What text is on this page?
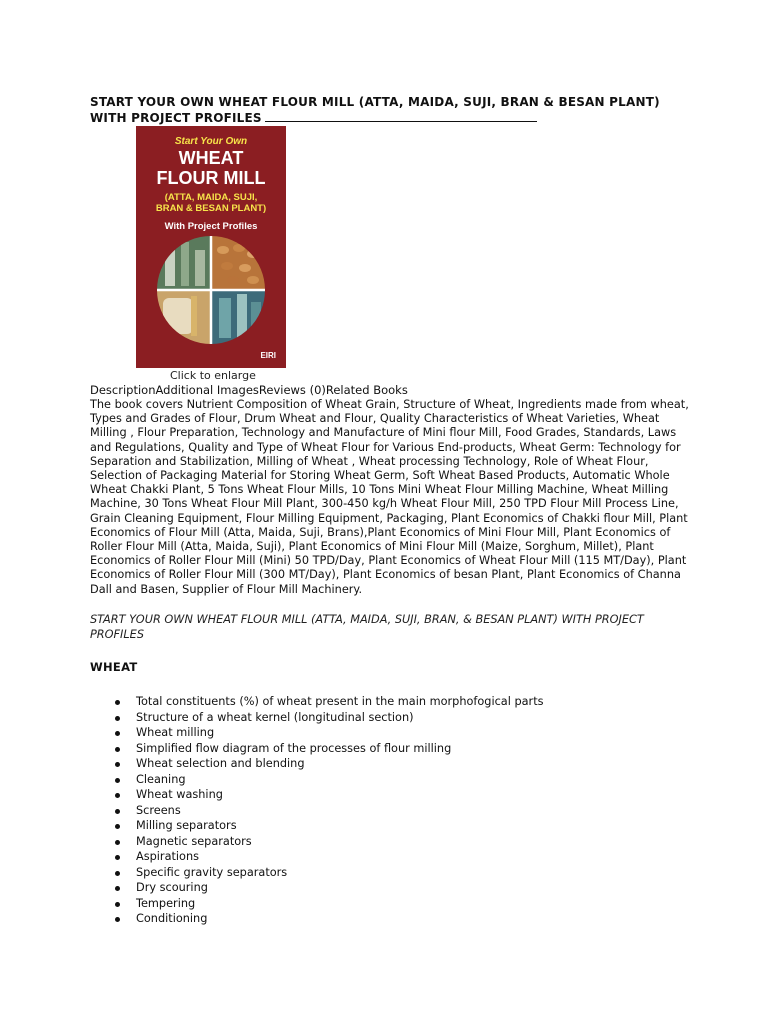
START YOUR OWN WHEAT FLOUR MILL (ATTA, MAIDA, SUJI, BRAN & BESAN PLANT) WITH PROJECT PROFILES
Start Your Own
WHEAT
FLOUR MILL
(ATTA, MAIDA, SUJI,
BRAN & BESAN PLANT)
With Project Profiles
EIRI
Click to enlarge
DescriptionAdditional ImagesReviews (0)Related Books
The book covers Nutrient Composition of Wheat Grain, Structure of Wheat, Ingredients made from wheat, Types and Grades of Flour, Drum Wheat and Flour, Quality Characteristics of Wheat Varieties, Wheat Milling , Flour Preparation, Technology and Manufacture of Mini flour Mill, Food Grades, Standards, Laws and Regulations, Quality and Type of Wheat Flour for Various End-products, Wheat Germ: Technology for Separation and Stabilization, Milling of Wheat , Wheat processing Technology, Role of Wheat Flour, Selection of Packaging Material for Storing Wheat Germ, Soft Wheat Based Products, Automatic Whole Wheat Chakki Plant, 5 Tons Wheat Flour Mills, 10 Tons Mini Wheat Flour Milling Machine, Wheat Milling Machine, 30 Tons Wheat Flour Mill Plant, 300-450 kg/h Wheat Flour Mill, 250 TPD Flour Mill Process Line, Grain Cleaning Equipment, Flour Milling Equipment, Packaging, Plant Economics of Chakki flour Mill, Plant Economics of Flour Mill (Atta, Maida, Suji, Brans),Plant Economics of Mini Flour Mill, Plant Economics of Roller Flour Mill (Atta, Maida, Suji), Plant Economics of Mini Flour Mill (Maize, Sorghum, Millet), Plant Economics of Roller Flour Mill (Mini) 50 TPD/Day, Plant Economics of Wheat Flour Mill (115 MT/Day), Plant Economics of Roller Flour Mill (300 MT/Day), Plant Economics of besan Plant, Plant Economics of Channa Dall and Basen, Supplier of Flour Mill Machinery.
START YOUR OWN WHEAT FLOUR MILL (ATTA, MAIDA, SUJI, BRAN, & BESAN PLANT) WITH PROJECT PROFILES
WHEAT
Total constituents (%) of wheat present in the main morphofogical parts
Structure of a wheat kernel (longitudinal section)
Wheat milling
Simplified flow diagram of the processes of flour milling
Wheat selection and blending
Cleaning
Wheat washing
Screens
Milling separators
Magnetic separators
Aspirations
Specific gravity separators
Dry scouring
Tempering
Conditioning
